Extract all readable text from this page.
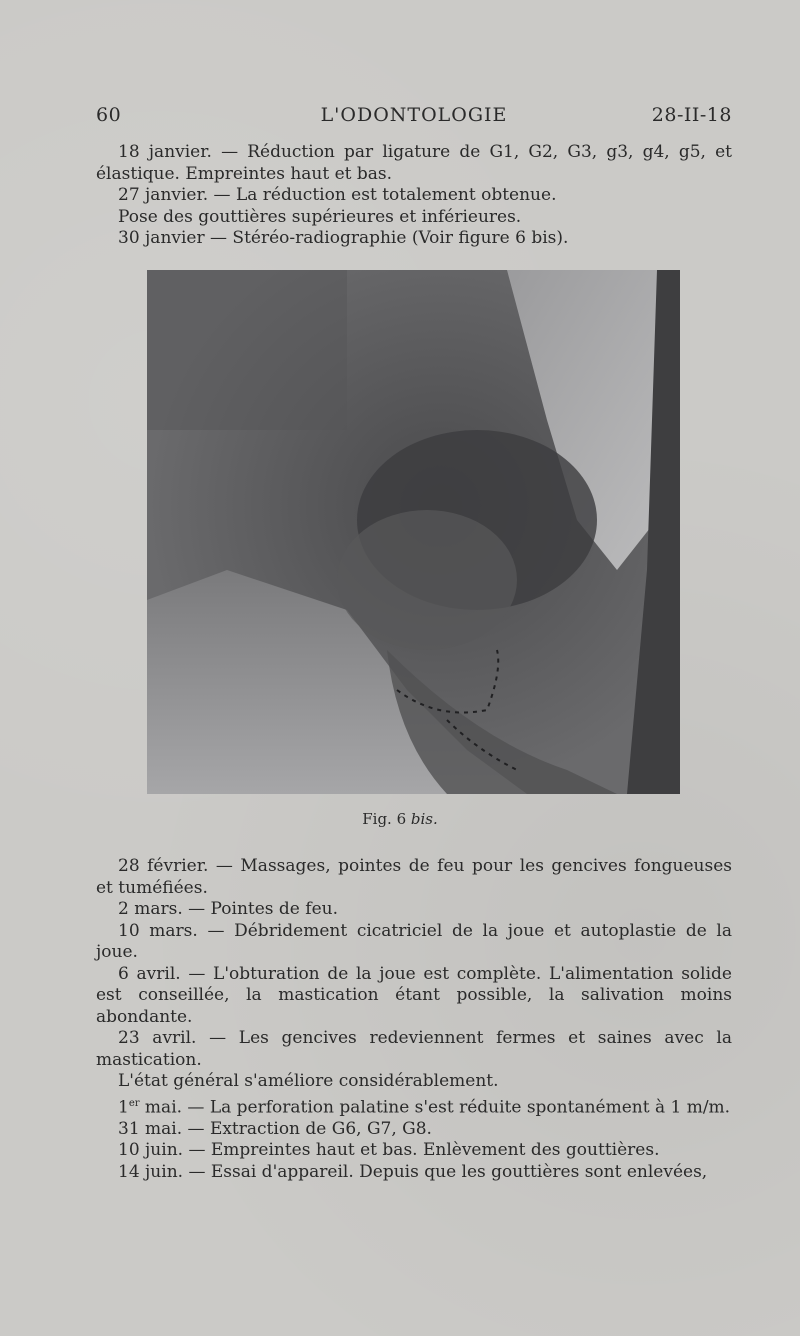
60	L'ODONTOLOGIE	28-II-18

18 janvier. — Réduction par ligature de G1, G2, G3, g3, g4, g5, et élastique. Empreintes haut et bas.

27 janvier. — La réduction est totalement obtenue.

Pose des gouttières supérieures et inférieures.

30 janvier — Stéréo-radiographie (Voir figure 6 bis).

Fig. 6 bis.

28 février. — Massages, pointes de feu pour les gencives fongueuses et tuméfiées.

2 mars. — Pointes de feu.

10 mars. — Débridement cicatriciel de la joue et autoplastie de la joue.

6 avril. — L'obturation de la joue est complète. L'alimentation solide est conseillée, la mastication étant possible, la salivation moins abondante.

23 avril. — Les gencives redeviennent fermes et saines avec la mastication.

L'état général s'améliore considérablement.

1er mai. — La perforation palatine s'est réduite spontanément à 1 m/m.

31 mai. — Extraction de G6, G7, G8.

10 juin. — Empreintes haut et bas. Enlèvement des gouttières.

14 juin. — Essai d'appareil. Depuis que les gouttières sont enlevées,
